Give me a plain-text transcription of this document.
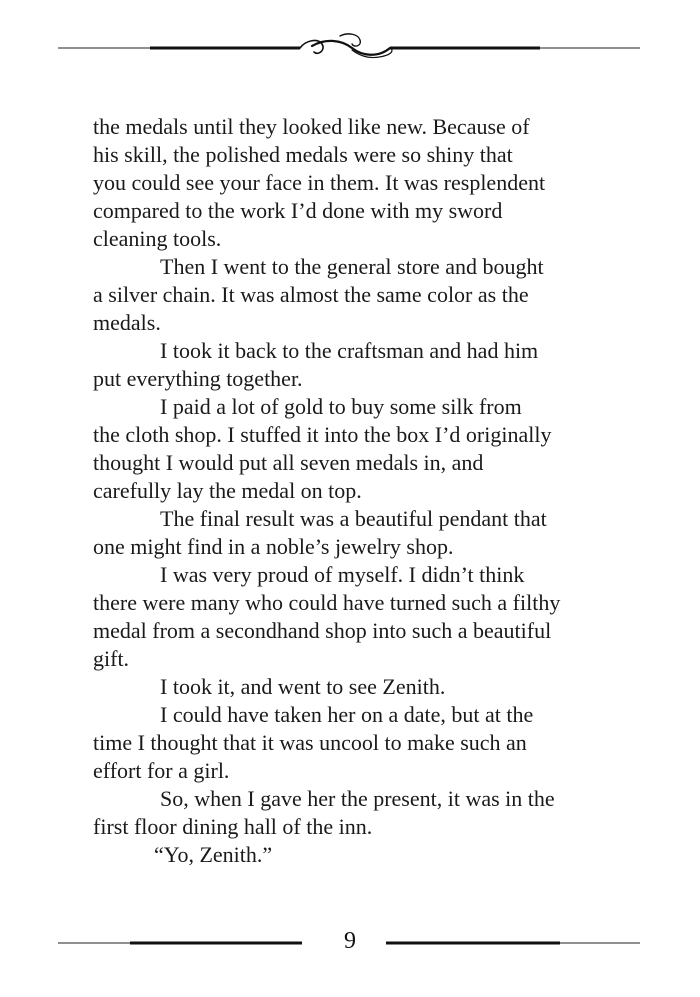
the medals until they looked like new. Because of

his skill, the polished medals were so shiny that

you could see your face in them. It was resplendent

compared to the work I’d done with my sword

cleaning tools.

Then I went to the general store and bought

a silver chain. It was almost the same color as the

medals.

I took it back to the craftsman and had him

put everything together.

I paid a lot of gold to buy some silk from

the cloth shop. I stuffed it into the box I’d originally

thought I would put all seven medals in, and

carefully lay the medal on top.

The final result was a beautiful pendant that

one might find in a noble’s jewelry shop.

I was very proud of myself. I didn’t think

there were many who could have turned such a filthy

medal from a secondhand shop into such a beautiful

gift.

I took it, and went to see Zenith.

I could have taken her on a date, but at the

time I thought that it was uncool to make such an

effort for a girl.

So, when I gave her the present, it was in the

first floor dining hall of the inn.

“Yo, Zenith.”

9
